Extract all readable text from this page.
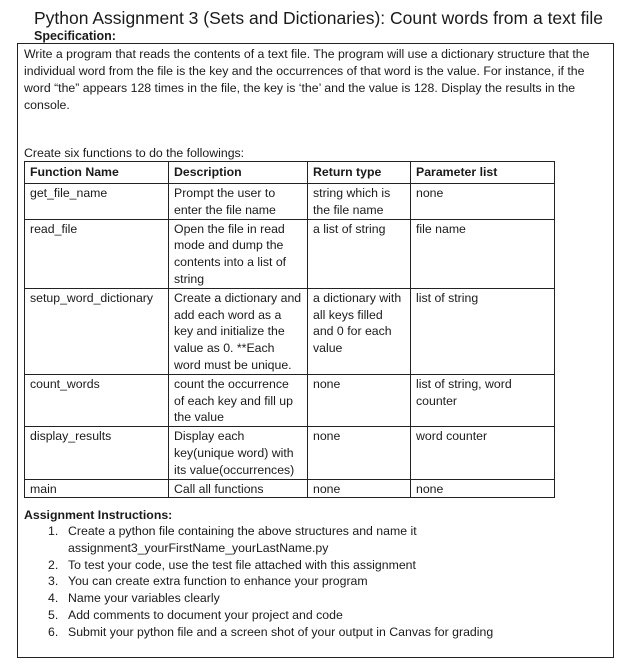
Python Assignment 3 (Sets and Dictionaries): Count words from a text file
Specification:
Write a program that reads the contents of a text file. The program will use a dictionary structure that the individual word from the file is the key and the occurrences of that word is the value. For instance, if the word “the” appears 128 times in the file, the key is ‘the’ and the value is 128. Display the results in the console.
Create six functions to do the followings:
Function Name	Description	Return type	Parameter list
get_file_name	Prompt the user to enter the file name	string which is the file name	none
read_file	Open the file in read mode and dump the contents into a list of string	a list of string	file name
setup_word_dictionary	Create a dictionary and add each word as a key and initialize the value as 0. **Each word must be unique.	a dictionary with all keys filled and 0 for each value	list of string
count_words	count the occurrence of each key and fill up the value	none	list of string, word counter
display_results	Display each key(unique word) with its value(occurrences)	none	word counter
main	Call all functions	none	none
Assignment Instructions:
1. Create a python file containing the above structures and name it assignment3_yourFirstName_yourLastName.py
2. To test your code, use the test file attached with this assignment
3. You can create extra function to enhance your program
4. Name your variables clearly
5. Add comments to document your project and code
6. Submit your python file and a screen shot of your output in Canvas for grading
